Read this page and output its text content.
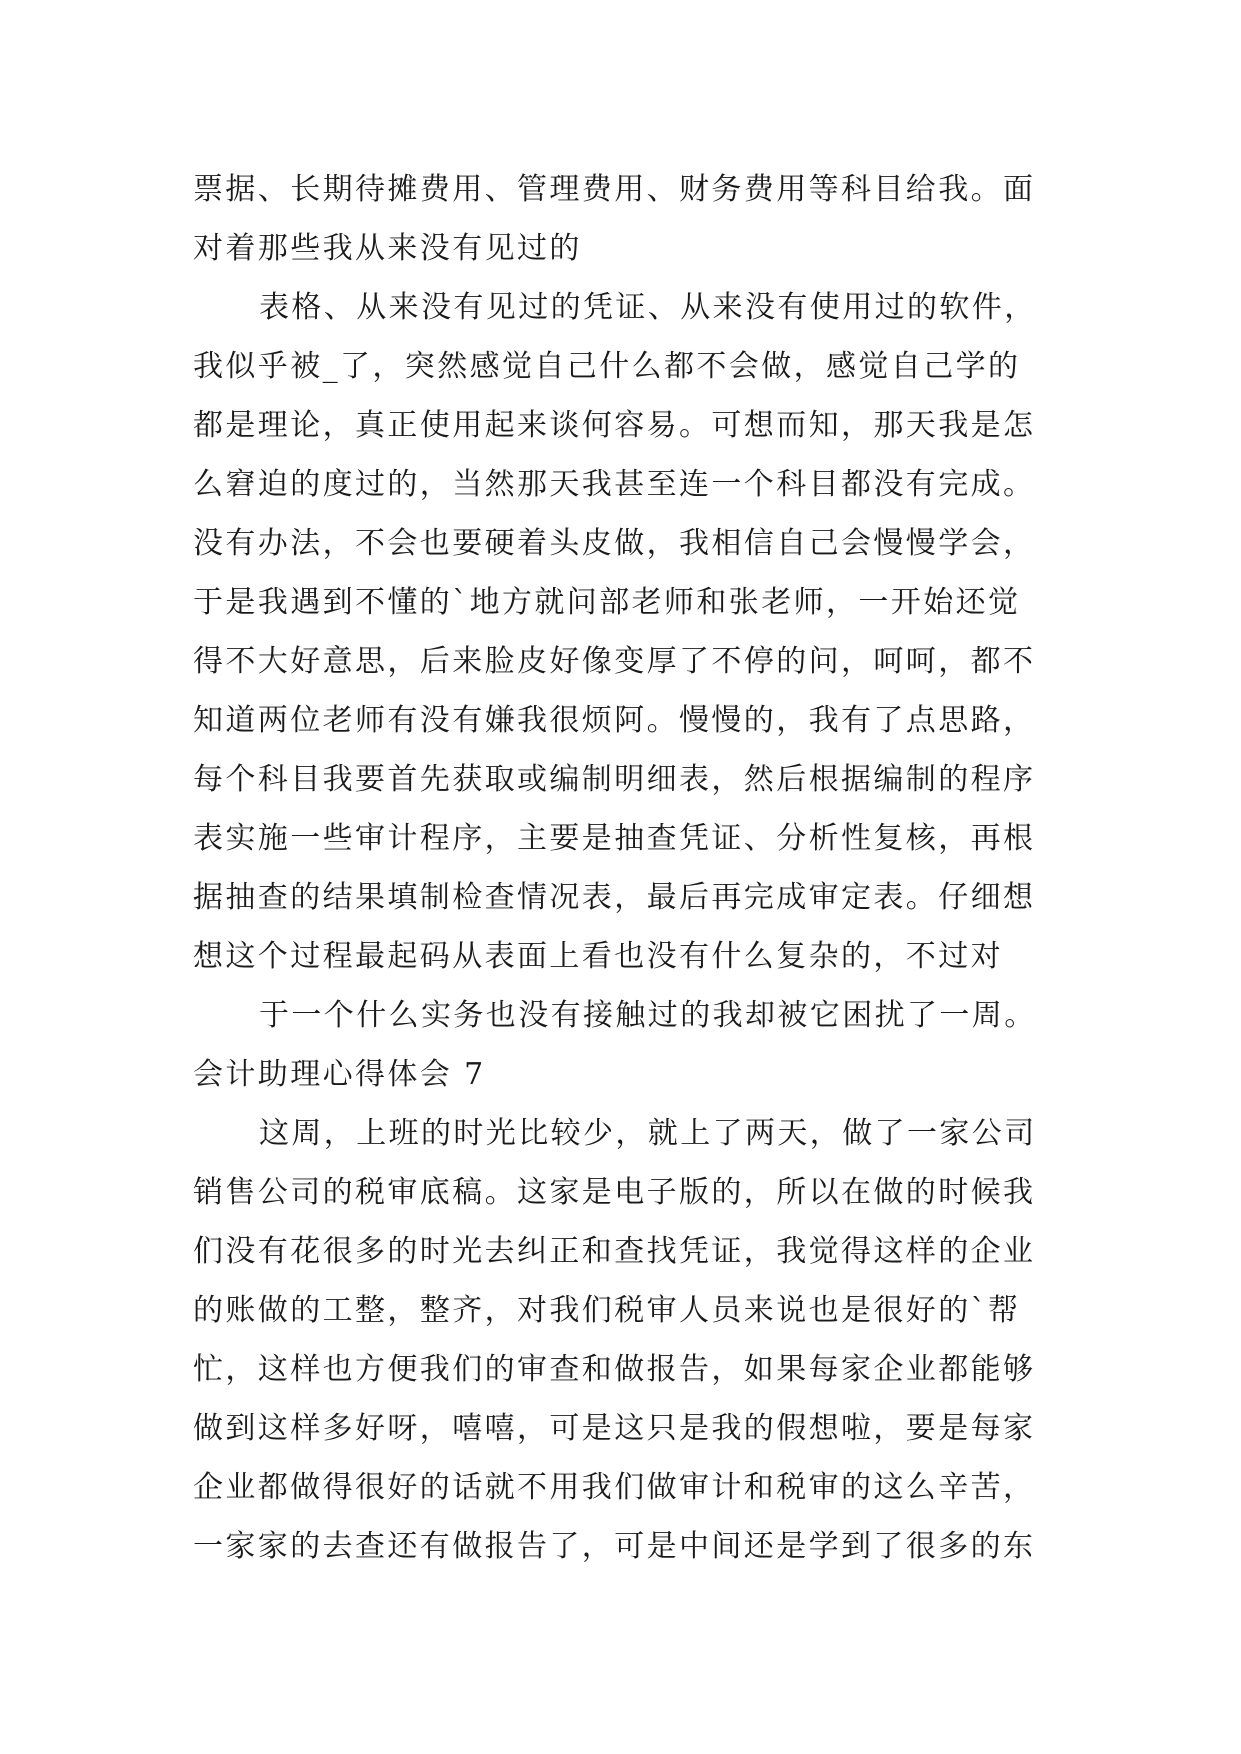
票据、长期待摊费用、管理费用、财务费用等科目给我。面
对着那些我从来没有见过的
表格、从来没有见过的凭证、从来没有使用过的软件，
我似乎被_了，突然感觉自己什么都不会做，感觉自己学的
都是理论，真正使用起来谈何容易。可想而知，那天我是怎
么窘迫的度过的，当然那天我甚至连一个科目都没有完成。
没有办法，不会也要硬着头皮做，我相信自己会慢慢学会，
于是我遇到不懂的`地方就问部老师和张老师，一开始还觉
得不大好意思，后来脸皮好像变厚了不停的问，呵呵，都不
知道两位老师有没有嫌我很烦阿。慢慢的，我有了点思路，
每个科目我要首先获取或编制明细表，然后根据编制的程序
表实施一些审计程序，主要是抽查凭证、分析性复核，再根
据抽查的结果填制检查情况表，最后再完成审定表。仔细想
想这个过程最起码从表面上看也没有什么复杂的，不过对
于一个什么实务也没有接触过的我却被它困扰了一周。
会计助理心得体会 7
这周，上班的时光比较少，就上了两天，做了一家公司
销售公司的税审底稿。这家是电子版的，所以在做的时候我
们没有花很多的时光去纠正和查找凭证，我觉得这样的企业
的账做的工整，整齐，对我们税审人员来说也是很好的`帮
忙，这样也方便我们的审查和做报告，如果每家企业都能够
做到这样多好呀，嘻嘻，可是这只是我的假想啦，要是每家
企业都做得很好的话就不用我们做审计和税审的这么辛苦，
一家家的去查还有做报告了，可是中间还是学到了很多的东
